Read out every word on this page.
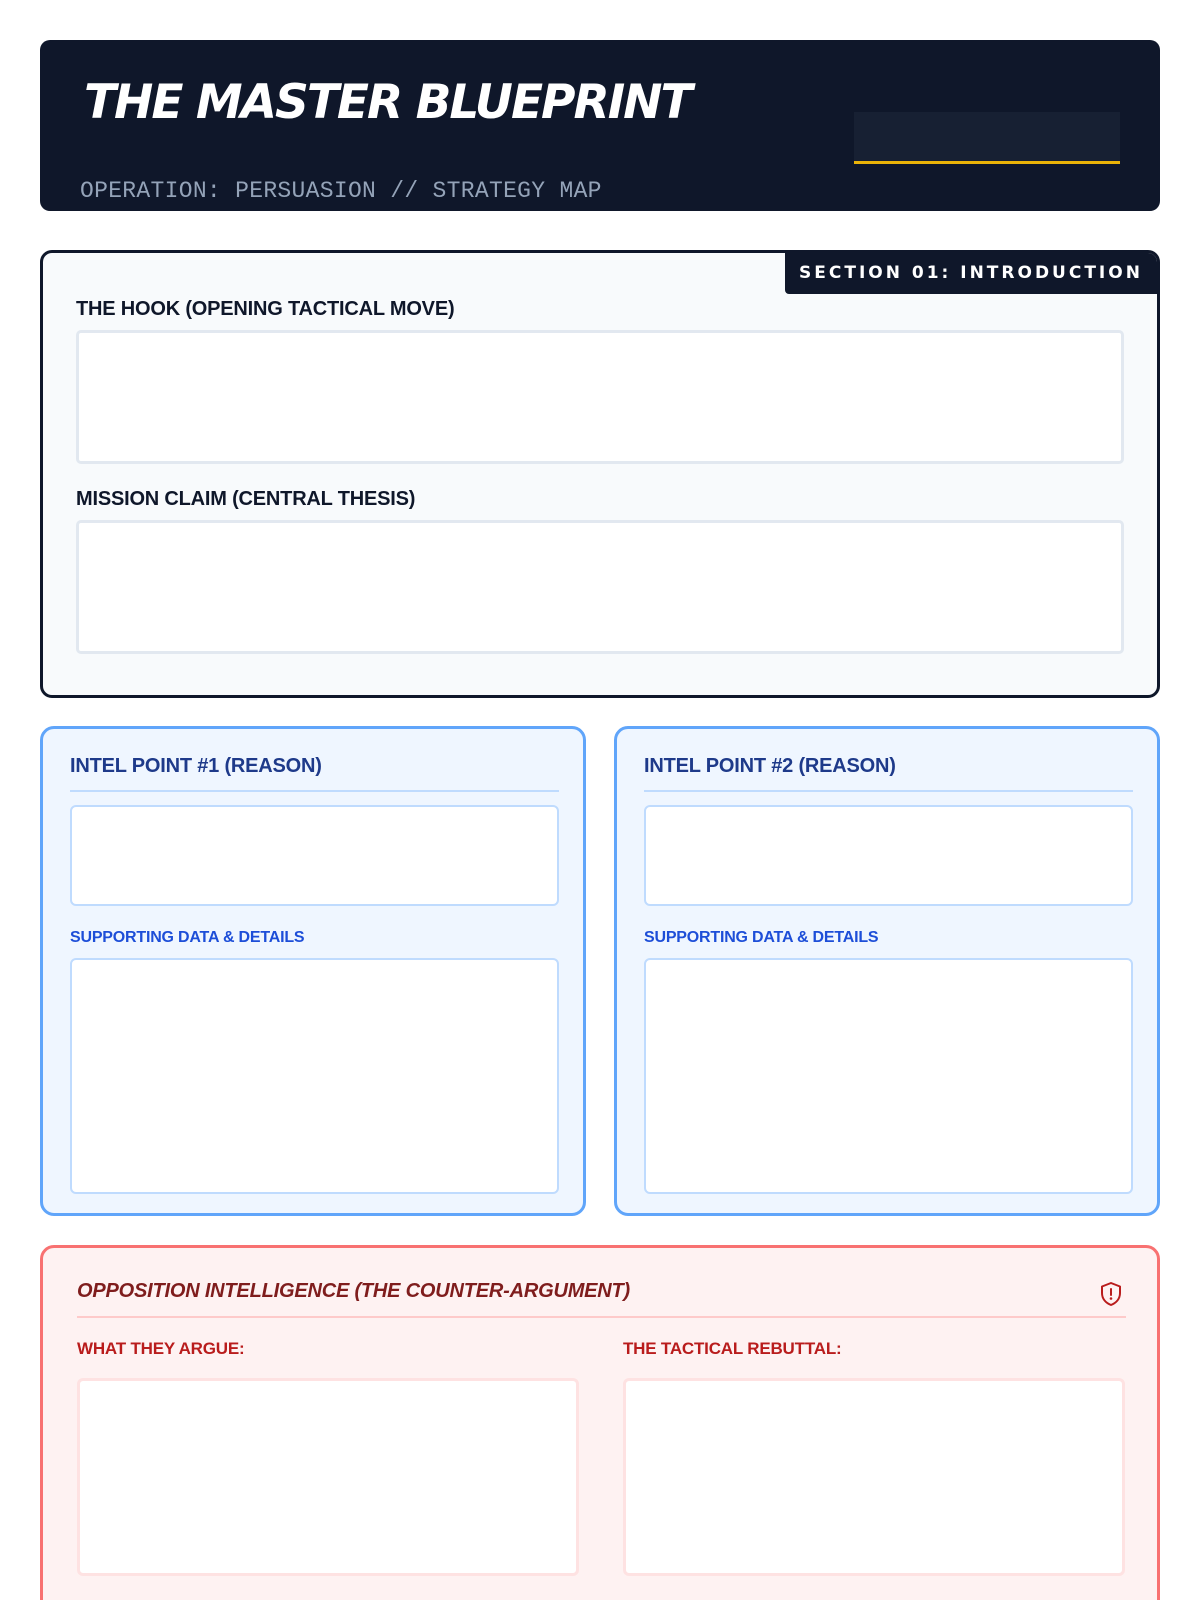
THE MASTER BLUEPRINT
OPERATION: PERSUASION // STRATEGY MAP
SECTION 01: INTRODUCTION
THE HOOK (OPENING TACTICAL MOVE)
MISSION CLAIM (CENTRAL THESIS)
INTEL POINT #1 (REASON)
SUPPORTING DATA & DETAILS
INTEL POINT #2 (REASON)
SUPPORTING DATA & DETAILS
OPPOSITION INTELLIGENCE (THE COUNTER-ARGUMENT)
WHAT THEY ARGUE:	THE TACTICAL REBUTTAL:
